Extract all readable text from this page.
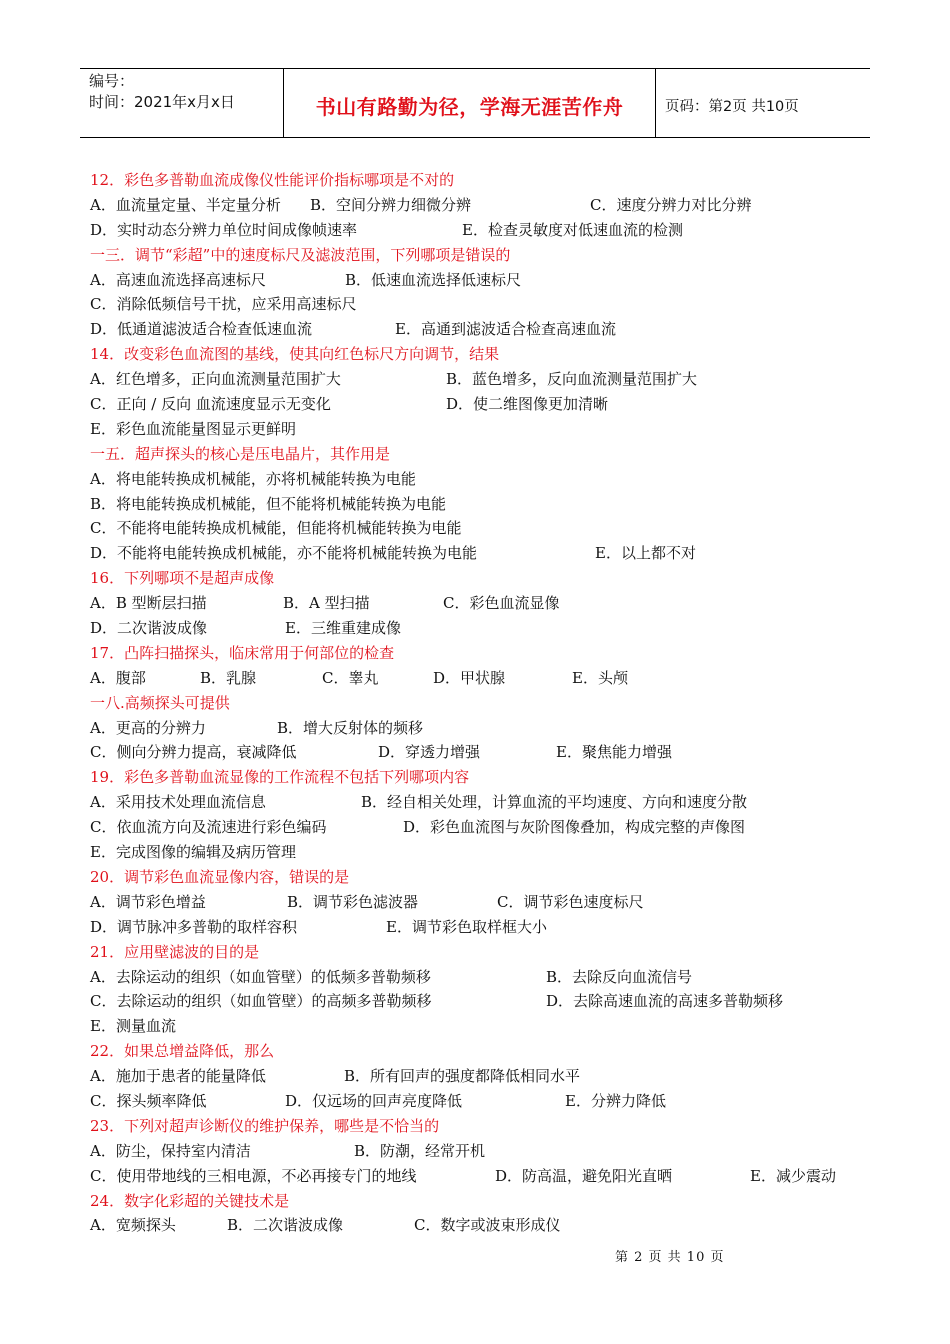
编号：
时间：2021年x月x日	书山有路勤为径，学海无涯苦作舟	页码：第2页 共10页
12．彩色多普勒血流成像仪性能评价指标哪项是不对的
A．血流量定量、半定量分析 B．空间分辨力细微分辨	C．速度分辨力对比分辨
D．实时动态分辨力单位时间成像帧速率	E．检查灵敏度对低速血流的检测
一三．调节“彩超”中的速度标尺及滤波范围，下列哪项是错误的
A．高速血流选择高速标尺	B．低速血流选择低速标尺
C．消除低频信号干扰，应采用高速标尺
D．低通道滤波适合检查低速血流	E．高通到滤波适合检查高速血流
14．改变彩色血流图的基线，使其向红色标尺方向调节，结果
A．红色增多，正向血流测量范围扩大	B．蓝色增多，反向血流测量范围扩大
C．正向 / 反向 血流速度显示无变化	D．使二维图像更加清晰
E．彩色血流能量图显示更鲜明
一五．超声探头的核心是压电晶片，其作用是
A．将电能转换成机械能，亦将机械能转换为电能
B．将电能转换成机械能，但不能将机械能转换为电能
C．不能将电能转换成机械能，但能将机械能转换为电能
D．不能将电能转换成机械能，亦不能将机械能转换为电能	E．以上都不对
16．下列哪项不是超声成像
A．B 型断层扫描	B．A 型扫描	C．彩色血流显像
D．二次谐波成像	E．三维重建成像
17．凸阵扫描探头，临床常用于何部位的检查
A．腹部	B．乳腺	C．睾丸	D．甲状腺	E．头颅
一八.高频探头可提供
A．更高的分辨力	B．增大反射体的频移
C．侧向分辨力提高，衰减降低	D．穿透力增强	E．聚焦能力增强
19．彩色多普勒血流显像的工作流程不包括下列哪项内容
A．采用技术处理血流信息	B．经自相关处理，计算血流的平均速度、方向和速度分散
C．依血流方向及流速进行彩色编码	D．彩色血流图与灰阶图像叠加，构成完整的声像图
E．完成图像的编辑及病历管理
20．调节彩色血流显像内容，错误的是
A．调节彩色增益	B．调节彩色滤波器	C．调节彩色速度标尺
D．调节脉冲多普勒的取样容积	E．调节彩色取样框大小
21．应用壁滤波的目的是
A．去除运动的组织（如血管壁）的低频多普勒频移	B．去除反向血流信号
C．去除运动的组织（如血管壁）的高频多普勒频移	D．去除高速血流的高速多普勒频移
E．测量血流
22．如果总增益降低，那么
A．施加于患者的能量降低	B．所有回声的强度都降低相同水平
C．探头频率降低	D．仅远场的回声亮度降低	E．分辨力降低
23．下列对超声诊断仪的维护保养，哪些是不恰当的
A．防尘，保持室内清洁	B．防潮，经常开机
C．使用带地线的三相电源，不必再接专门的地线	D．防高温，避免阳光直晒	E．减少震动
24．数字化彩超的关键技术是
A．宽频探头	B．二次谐波成像	C．数字或波束形成仪
第 2 页 共 10 页
